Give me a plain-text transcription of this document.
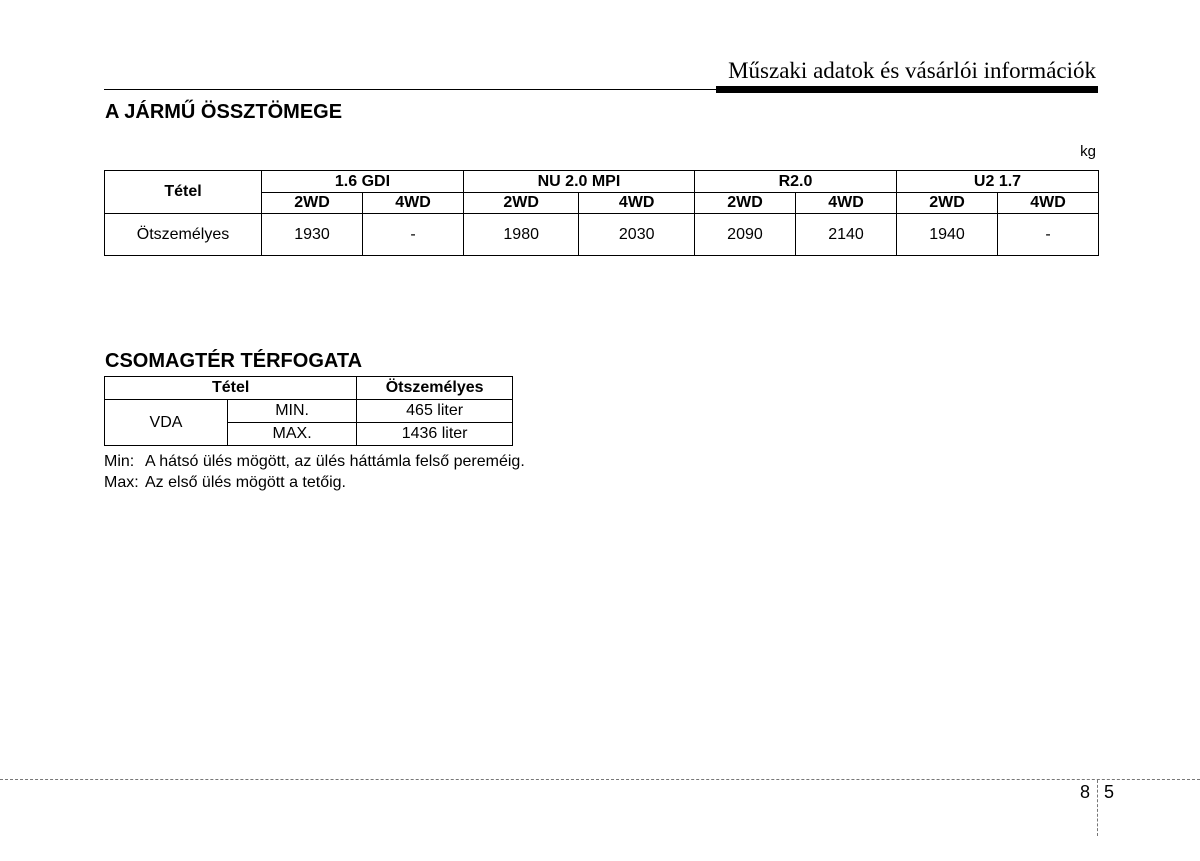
Műszaki adatok és vásárlói információk
A JÁRMŰ ÖSSZTÖMEGE
kg
Tétel	1.6 GDI		NU 2.0 MPI		R2.0		U2 1.7	
	2WD	4WD	2WD	4WD	2WD	4WD	2WD	4WD
Ötszemélyes	1930	-	1980	2030	2090	2140	1940	-
CSOMAGTÉR TÉRFOGATA
Tétel		Ötszemélyes
VDA	MIN.	465 liter
	MAX.	1436 liter
Min: A hátsó ülés mögött, az ülés háttámla felső pereméig.
Max: Az első ülés mögött a tetőig.
8 5
